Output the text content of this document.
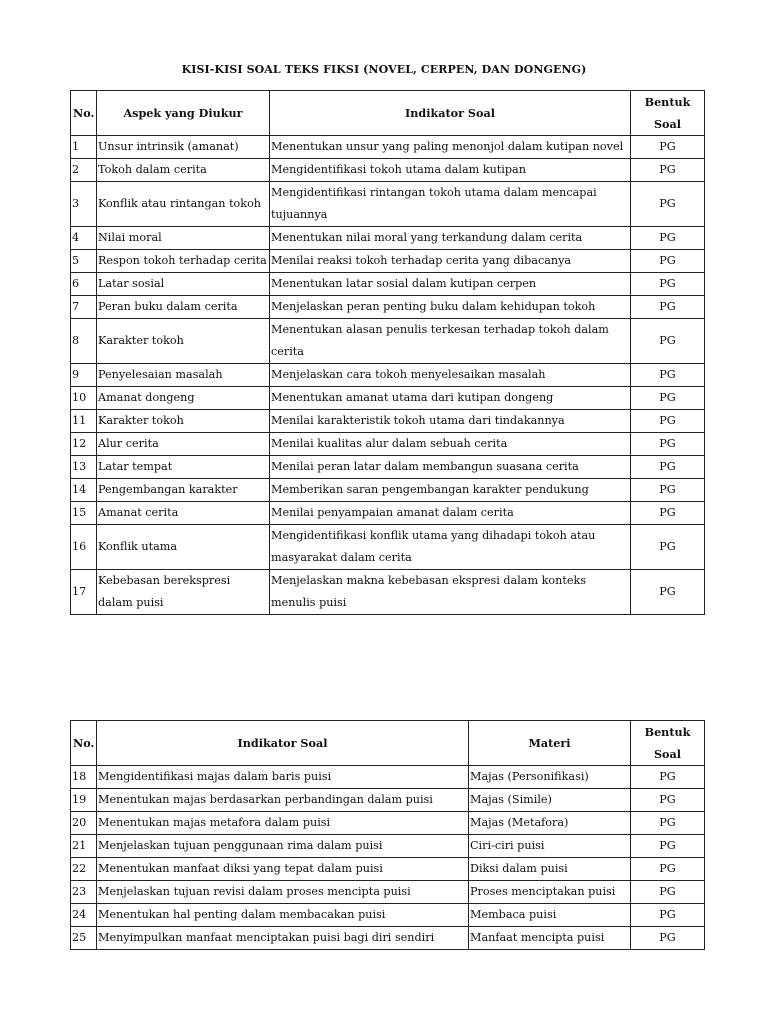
KISI-KISI SOAL TEKS FIKSI (NOVEL, CERPEN, DAN DONGENG)
No.	Aspek yang Diukur	Indikator Soal	Bentuk
Soal
1	Unsur intrinsik (amanat)	Menentukan unsur yang paling menonjol dalam kutipan novel	PG
2	Tokoh dalam cerita	Mengidentifikasi tokoh utama dalam kutipan	PG
3	Konflik atau rintangan tokoh	Mengidentifikasi rintangan tokoh utama dalam mencapai tujuannya	PG
4	Nilai moral	Menentukan nilai moral yang terkandung dalam cerita	PG
5	Respon tokoh terhadap cerita	Menilai reaksi tokoh terhadap cerita yang dibacanya	PG
6	Latar sosial	Menentukan latar sosial dalam kutipan cerpen	PG
7	Peran buku dalam cerita	Menjelaskan peran penting buku dalam kehidupan tokoh	PG
8	Karakter tokoh	Menentukan alasan penulis terkesan terhadap tokoh dalam cerita	PG
9	Penyelesaian masalah	Menjelaskan cara tokoh menyelesaikan masalah	PG
10	Amanat dongeng	Menentukan amanat utama dari kutipan dongeng	PG
11	Karakter tokoh	Menilai karakteristik tokoh utama dari tindakannya	PG
12	Alur cerita	Menilai kualitas alur dalam sebuah cerita	PG
13	Latar tempat	Menilai peran latar dalam membangun suasana cerita	PG
14	Pengembangan karakter	Memberikan saran pengembangan karakter pendukung	PG
15	Amanat cerita	Menilai penyampaian amanat dalam cerita	PG
16	Konflik utama	Mengidentifikasi konflik utama yang dihadapi tokoh atau masyarakat dalam cerita	PG
17	Kebebasan berekspresi dalam puisi	Menjelaskan makna kebebasan ekspresi dalam konteks menulis puisi	PG
No.	Indikator Soal	Materi	Bentuk
Soal
18	Mengidentifikasi majas dalam baris puisi	Majas (Personifikasi)	PG
19	Menentukan majas berdasarkan perbandingan dalam puisi	Majas (Simile)	PG
20	Menentukan majas metafora dalam puisi	Majas (Metafora)	PG
21	Menjelaskan tujuan penggunaan rima dalam puisi	Ciri-ciri puisi	PG
22	Menentukan manfaat diksi yang tepat dalam puisi	Diksi dalam puisi	PG
23	Menjelaskan tujuan revisi dalam proses mencipta puisi	Proses menciptakan puisi	PG
24	Menentukan hal penting dalam membacakan puisi	Membaca puisi	PG
25	Menyimpulkan manfaat menciptakan puisi bagi diri sendiri	Manfaat mencipta puisi	PG
